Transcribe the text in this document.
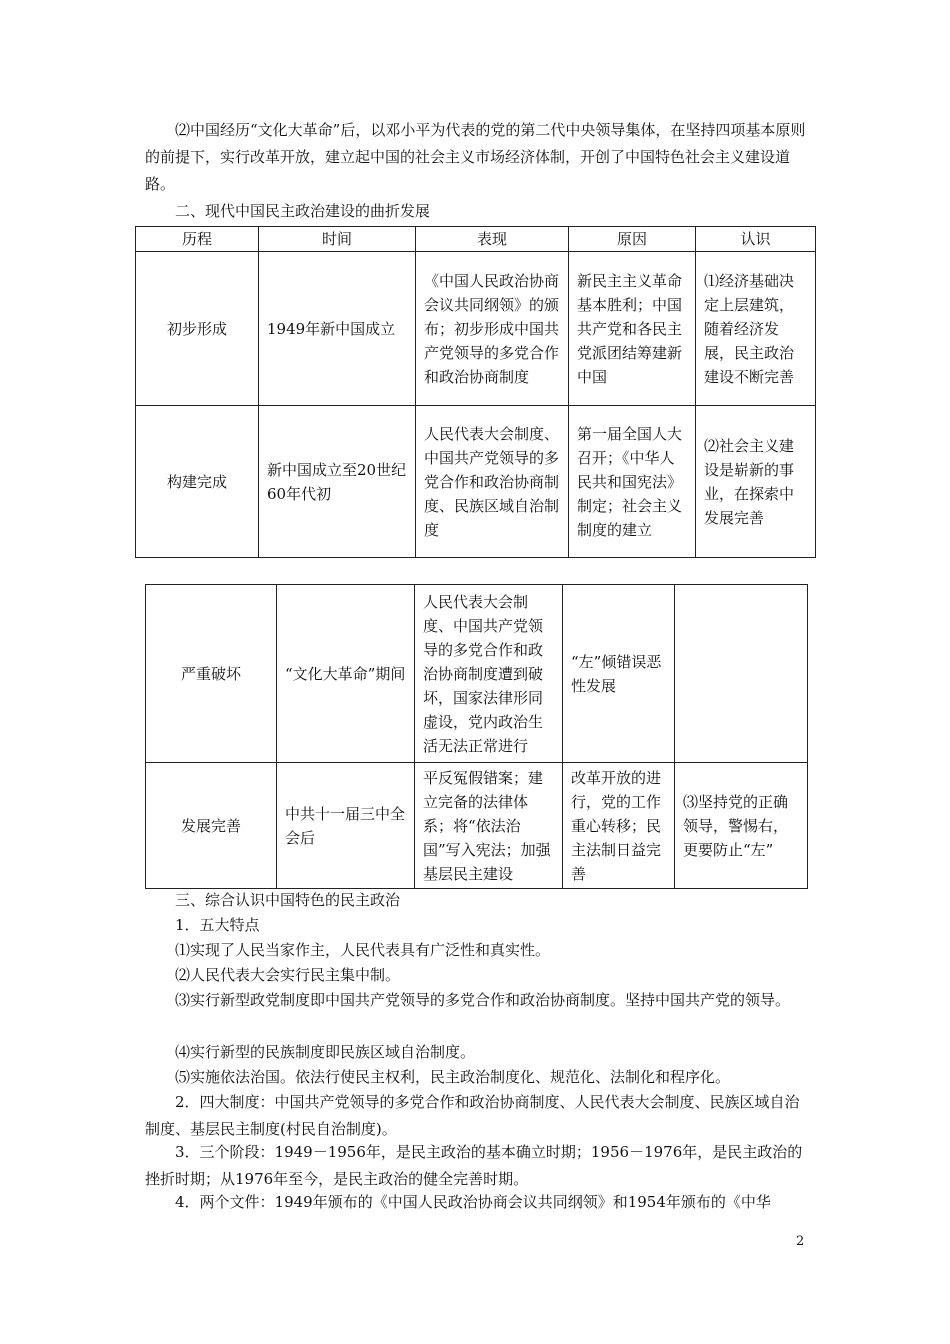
⑵中国经历“文化大革命”后，以邓小平为代表的党的第二代中央领导集体，在坚持四项基本原则的前提下，实行改革开放，建立起中国的社会主义市场经济体制，开创了中国特色社会主义建设道路。

二、现代中国民主政治建设的曲折发展

历程	时间	表现	原因	认识
初步形成	1949年新中国成立	《中国人民政治协商会议共同纲领》的颁布；初步形成中国共产党领导的多党合作和政治协商制度	新民主主义革命基本胜利；中国共产党和各民主党派团结筹建新中国	⑴经济基础决定上层建筑，随着经济发展，民主政治建设不断完善
构建完成	新中国成立至20世纪60年代初	人民代表大会制度、中国共产党领导的多党合作和政治协商制度、民族区域自治制度	第一届全国人大召开；《中华人民共和国宪法》制定；社会主义制度的建立	⑵社会主义建设是崭新的事业，在探索中发展完善
严重破坏	“文化大革命”期间	人民代表大会制度、中国共产党领导的多党合作和政治协商制度遭到破坏，国家法律形同虚设，党内政治生活无法正常进行	“左”倾错误恶性发展	
发展完善	中共十一届三中全会后	平反冤假错案；建立完备的法律体系；将“依法治国”写入宪法；加强基层民主建设	改革开放的进行，党的工作重心转移；民主法制日益完善	⑶坚持党的正确领导，警惕右，更要防止“左”

三、综合认识中国特色的民主政治

1．五大特点

⑴实现了人民当家作主，人民代表具有广泛性和真实性。

⑵人民代表大会实行民主集中制。

⑶实行新型政党制度即中国共产党领导的多党合作和政治协商制度。坚持中国共产党的领导。

⑷实行新型的民族制度即民族区域自治制度。

⑸实施依法治国。依法行使民主权利，民主政治制度化、规范化、法制化和程序化。

2．四大制度：中国共产党领导的多党合作和政治协商制度、人民代表大会制度、民族区域自治制度、基层民主制度(村民自治制度)。

3．三个阶段：1949－1956年，是民主政治的基本确立时期；1956－1976年，是民主政治的挫折时期；从1976年至今，是民主政治的健全完善时期。

4．两个文件：1949年颁布的《中国人民政治协商会议共同纲领》和1954年颁布的《中华

2
